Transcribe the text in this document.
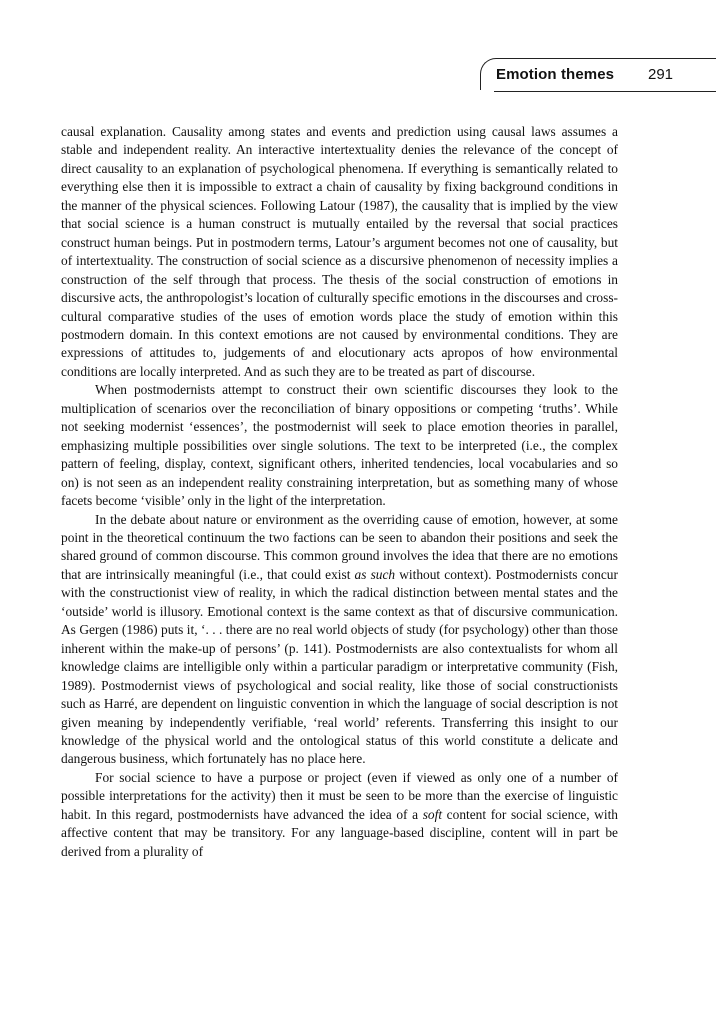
Emotion themes 291

causal explanation. Causality among states and events and prediction using causal laws assumes a stable and independent reality. An interactive intertextuality denies the relevance of the concept of direct causality to an explanation of psychological phenomena. If everything is semantically related to everything else then it is impossible to extract a chain of causality by fixing background conditions in the manner of the physical sciences. Following Latour (1987), the causality that is implied by the view that social science is a human construct is mutually entailed by the reversal that social practices construct human beings. Put in postmodern terms, Latour’s argument becomes not one of causality, but of intertextuality. The construction of social science as a discursive phenomenon of necessity implies a construction of the self through that process. The thesis of the social construction of emotions in discursive acts, the anthropologist’s location of culturally specific emotions in the discourses and cross-cultural comparative studies of the uses of emotion words place the study of emotion within this postmodern domain. In this context emotions are not caused by environmental conditions. They are expressions of attitudes to, judgements of and elocutionary acts apropos of how environmental conditions are locally interpreted. And as such they are to be treated as part of discourse.

When postmodernists attempt to construct their own scientific discourses they look to the multiplication of scenarios over the reconciliation of binary oppositions or competing ‘truths’. While not seeking modernist ‘essences’, the postmodernist will seek to place emotion theories in parallel, emphasizing multiple possibilities over single solutions. The text to be interpreted (i.e., the complex pattern of feeling, display, context, significant others, inherited tendencies, local vocabularies and so on) is not seen as an independent reality constraining interpretation, but as something many of whose facets become ‘visible’ only in the light of the interpretation.

In the debate about nature or environment as the overriding cause of emotion, however, at some point in the theoretical continuum the two factions can be seen to abandon their positions and seek the shared ground of common discourse. This common ground involves the idea that there are no emotions that are intrinsically meaningful (i.e., that could exist as such without context). Postmodernists concur with the constructionist view of reality, in which the radical distinction between mental states and the ‘outside’ world is illusory. Emotional context is the same context as that of discursive communication. As Gergen (1986) puts it, ‘. . . there are no real world objects of study (for psychology) other than those inherent within the make-up of persons’ (p. 141). Postmodernists are also contextualists for whom all knowledge claims are intelligible only within a particular paradigm or interpretative community (Fish, 1989). Postmodernist views of psychological and social reality, like those of social constructionists such as Harré, are dependent on linguistic convention in which the language of social description is not given meaning by independently verifiable, ‘real world’ referents. Transferring this insight to our knowledge of the physical world and the ontological status of this world constitute a delicate and dangerous business, which fortunately has no place here.

For social science to have a purpose or project (even if viewed as only one of a number of possible interpretations for the activity) then it must be seen to be more than the exercise of linguistic habit. In this regard, postmodernists have advanced the idea of a soft content for social science, with affective content that may be transitory. For any language-based discipline, content will in part be derived from a plurality of
